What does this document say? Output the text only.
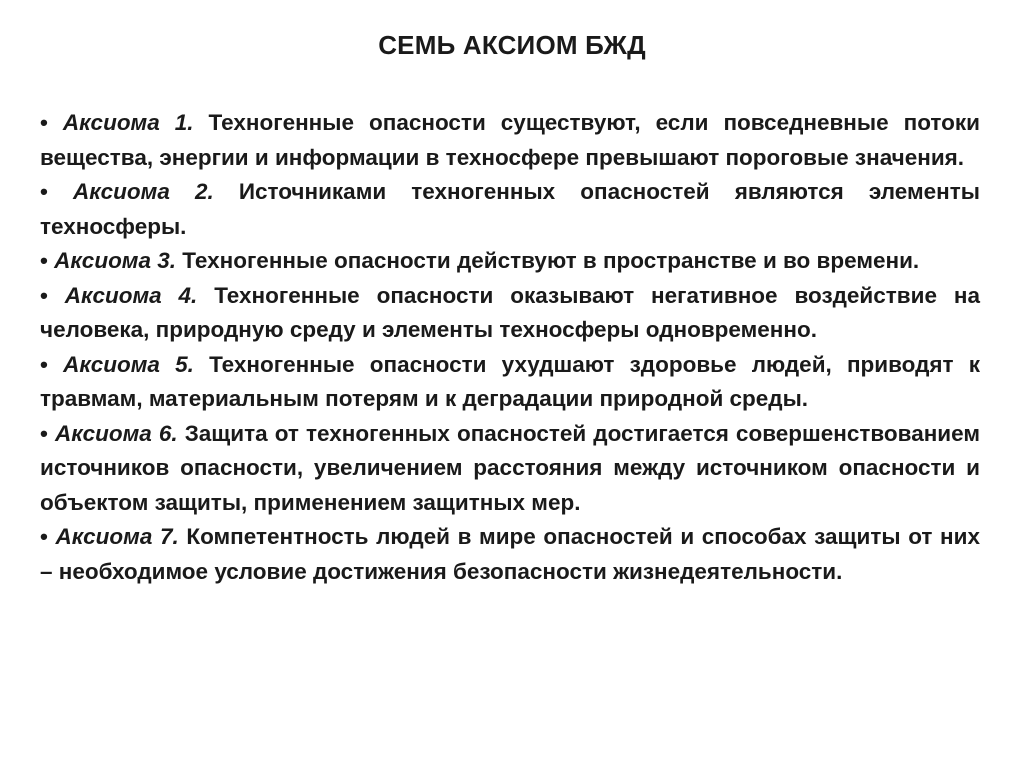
СЕМЬ АКСИОМ БЖД
• Аксиома 1. Техногенные опасности существуют, если повседневные потоки вещества, энергии и информации в техносфере превышают пороговые значения.
• Аксиома 2. Источниками техногенных опасностей являются элементы техносферы.
• Аксиома 3. Техногенные опасности действуют в пространстве и во времени.
• Аксиома 4. Техногенные опасности оказывают негативное воздействие на человека, природную среду и элементы техносферы одновременно.
• Аксиома 5. Техногенные опасности ухудшают здоровье людей, приводят к травмам, материальным потерям и к деградации природной среды.
• Аксиома 6. Защита от техногенных опасностей достигается совершенствованием источников опасности, увеличением расстояния между источником опасности и объектом защиты, применением защитных мер.
• Аксиома 7. Компетентность людей в мире опасностей и способах защиты от них – необходимое условие достижения безопасности жизнедеятельности.
